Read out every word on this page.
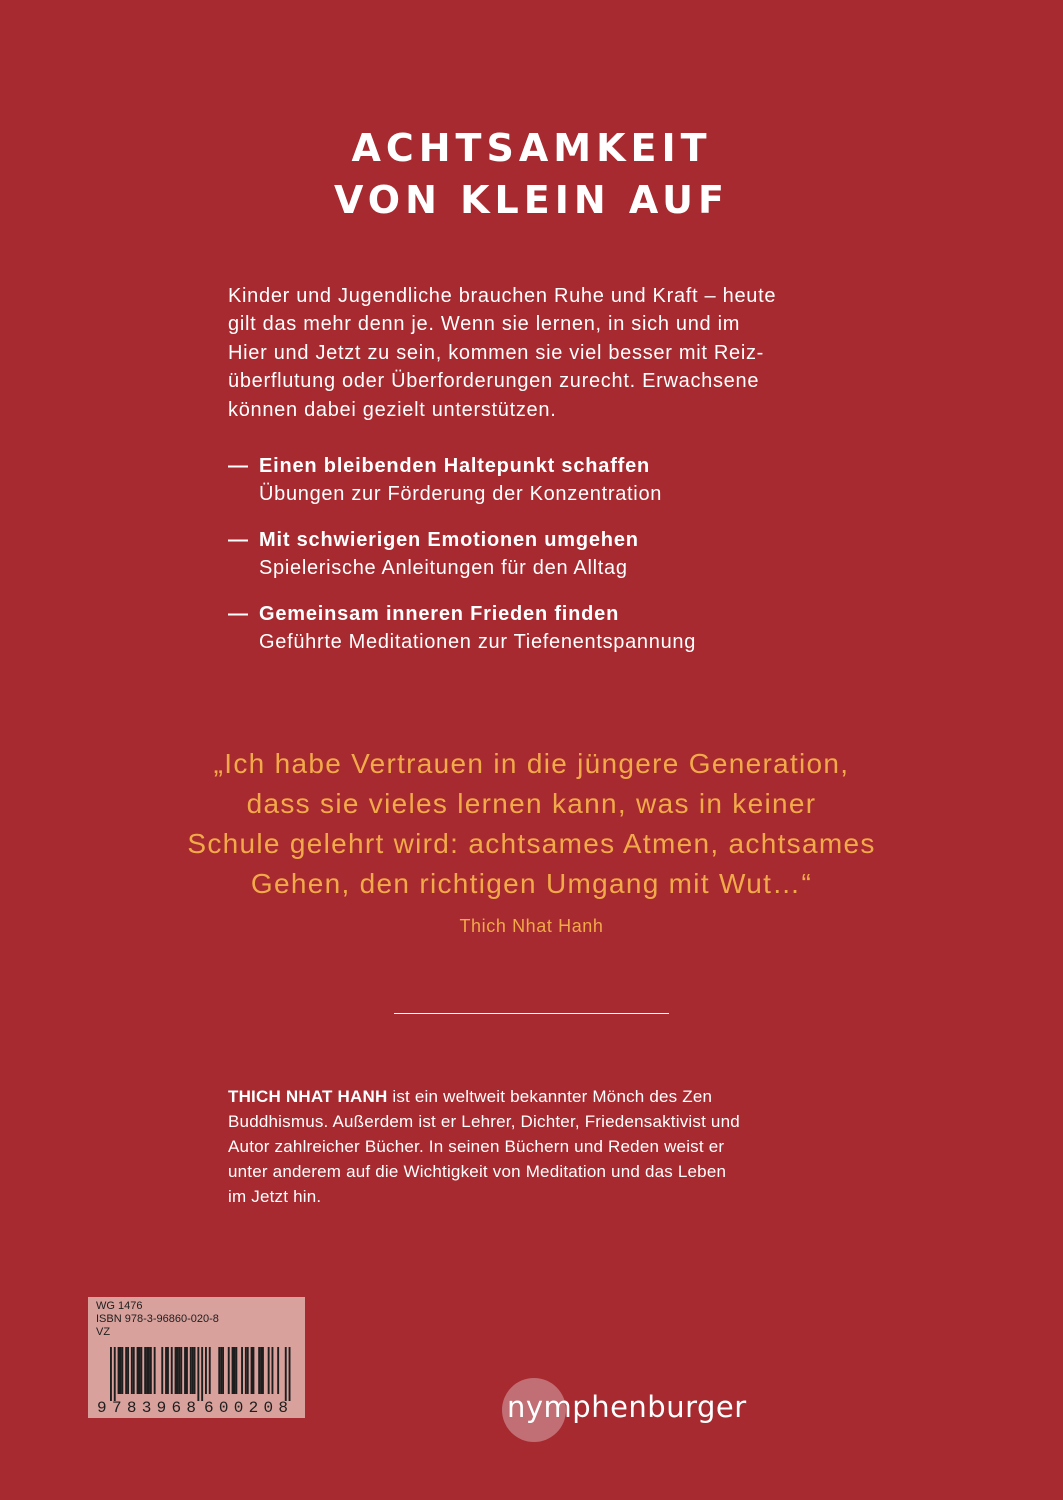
ACHTSAMKEIT
VON KLEIN AUF
Kinder und Jugendliche brauchen Ruhe und Kraft – heute
gilt das mehr denn je. Wenn sie lernen, in sich und im
Hier und Jetzt zu sein, kommen sie viel besser mit Reiz-
überflutung oder Überforderungen zurecht. Erwachsene
können dabei gezielt unterstützen.
— Einen bleibenden Haltepunkt schaffen
Übungen zur Förderung der Konzentration
— Mit schwierigen Emotionen umgehen
Spielerische Anleitungen für den Alltag
— Gemeinsam inneren Frieden finden
Geführte Meditationen zur Tiefenentspannung
„Ich habe Vertrauen in die jüngere Generation,
dass sie vieles lernen kann, was in keiner
Schule gelehrt wird: achtsames Atmen, achtsames
Gehen, den richtigen Umgang mit Wut…“
Thich Nhat Hanh
THICH NHAT HANH ist ein weltweit bekannter Mönch des Zen
Buddhismus. Außerdem ist er Lehrer, Dichter, Friedensaktivist und
Autor zahlreicher Bücher. In seinen Büchern und Reden weist er
unter anderem auf die Wichtigkeit von Meditation und das Leben
im Jetzt hin.
WG 1476
ISBN 978-3-96860-020-8
VZ
9 783968 600208	nymphenburger
